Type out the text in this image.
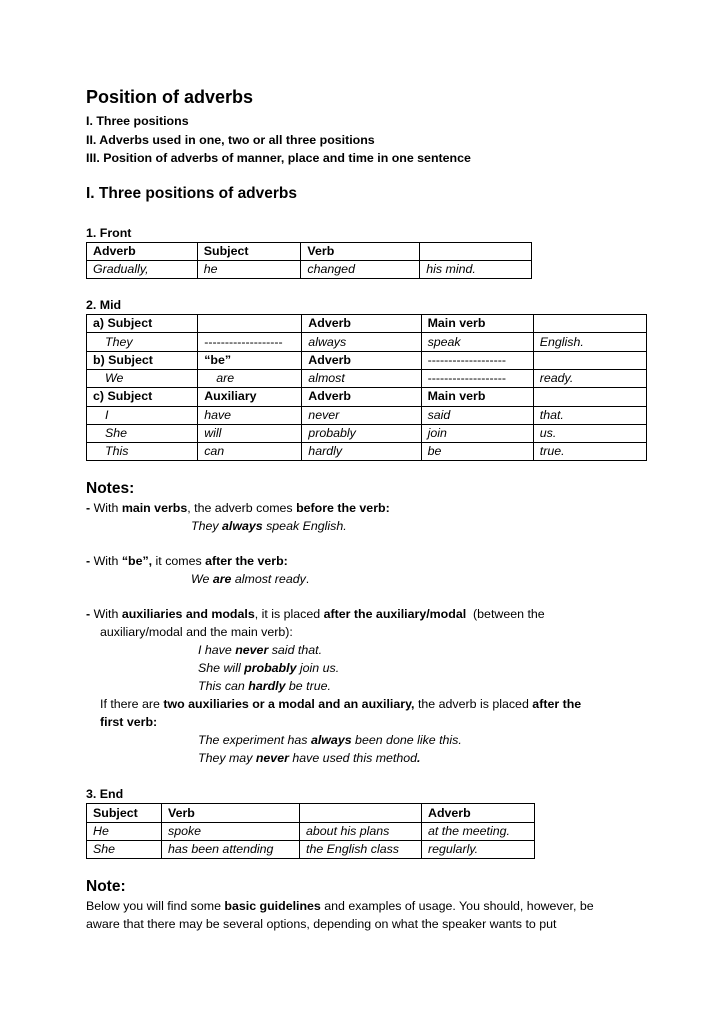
Position of adverbs
I. Three positions
II. Adverbs used in one, two or all three positions
III. Position of adverbs of manner, place and time in one sentence
I. Three positions of adverbs
1. Front
Adverb	Subject	Verb	
Gradually,	he	changed	his mind.
2. Mid
a) Subject		Adverb	Main verb	
They	-------------------	always	speak	English.
b) Subject	“be”	Adverb	-------------------	
We	are	almost	-------------------	ready.
c) Subject	Auxiliary	Adverb	Main verb	
I	have	never	said	that.
She	will	probably	join	us.
This	can	hardly	be	true.
Notes:
- With main verbs, the adverb comes before the verb:
They always speak English.
- With “be”, it comes after the verb:
We are almost ready.
- With auxiliaries and modals, it is placed after the auxiliary/modal  (between the
auxiliary/modal and the main verb):
I have never said that.
She will probably join us.
This can hardly be true.
If there are two auxiliaries or a modal and an auxiliary, the adverb is placed after the
first verb:
The experiment has always been done like this.
They may never have used this method.
3. End
Subject	Verb		Adverb
He	spoke	about his plans	at the meeting.
She	has been attending	the English class	regularly.
Note:
Below you will find some basic guidelines and examples of usage. You should, however, be
aware that there may be several options, depending on what the speaker wants to put
